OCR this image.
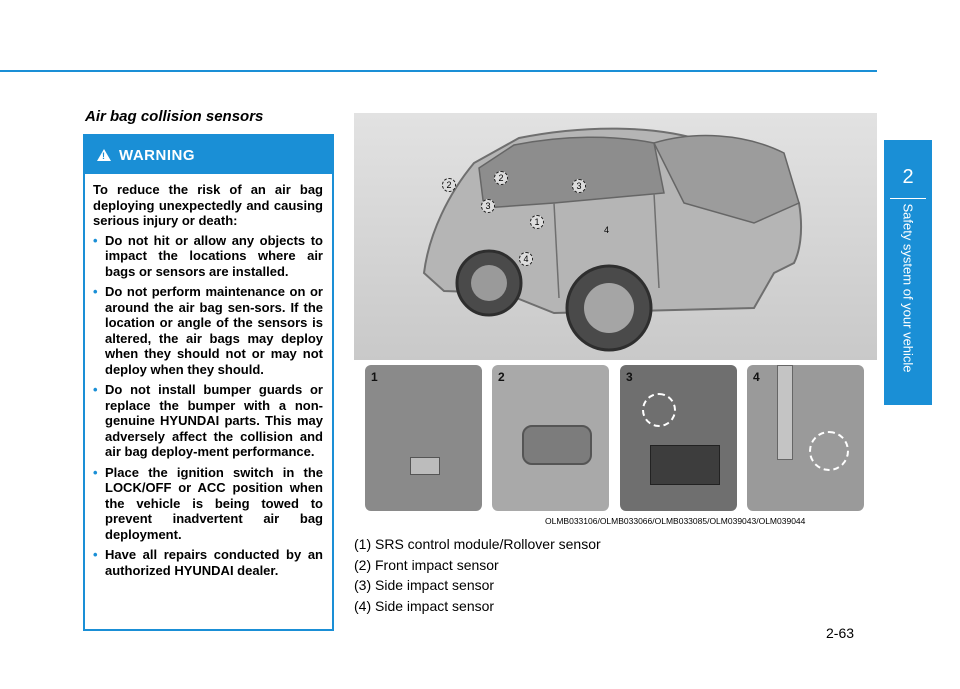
Air bag collision sensors
! WARNING

To reduce the risk of an air bag deploying unexpectedly and causing serious injury or death:

• Do not hit or allow any objects to impact the locations where air bags or sensors are installed.
• Do not perform maintenance on or around the air bag sen-sors. If the location or angle of the sensors is altered, the air bags may deploy when they should not or may not deploy when they should.
• Do not install bumper guards or replace the bumper with a non-genuine HYUNDAI parts. This may adversely affect the collision and air bag deploy-ment performance.
• Place the ignition switch in the LOCK/OFF or ACC position when the vehicle is being towed to prevent inadvertent air bag deployment.
• Have all repairs conducted by an authorized HYUNDAI dealer.
2
2
3
3
1
4
4
1	2	3	4
OLMB033106/OLMB033066/OLMB033085/OLM039043/OLM039044
(1) SRS control module/Rollover sensor
(2) Front impact sensor
(3) Side impact sensor
(4) Side impact sensor
2-63
2
Safety system of your vehicle
